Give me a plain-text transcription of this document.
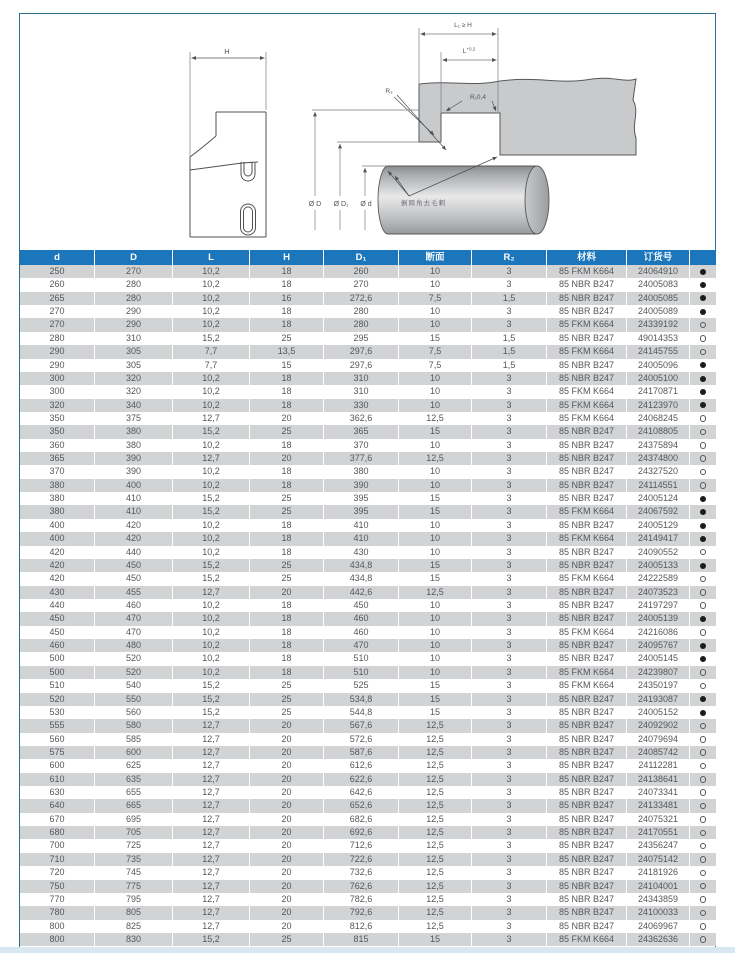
H
L₁ ≥ H
$L^{+0.2}$
R₁0,4
R₂
Ø D Ø D₁ Ø d	倒圆角去毛刺
d	D	L	H	D₁	断面	R₂	材料	订货号
250	270	10,2	18	260	10	3	85 FKM K664	24064910
260	280	10,2	18	270	10	3	85 NBR B247	24005083
265	280	10,2	16	272,6	7,5	1,5	85 NBR B247	24005085
270	290	10,2	18	280	10	3	85 NBR B247	24005089
270	290	10,2	18	280	10	3	85 FKM K664	24339192
280	310	15,2	25	295	15	1,5	85 NBR B247	49014353
290	305	7,7	13,5	297,6	7,5	1,5	85 FKM K664	24145755
290	305	7,7	15	297,6	7,5	1,5	85 NBR B247	24005096
300	320	10,2	18	310	10	3	85 NBR B247	24005100
300	320	10,2	18	310	10	3	85 FKM K664	24170871
320	340	10,2	18	330	10	3	85 FKM K664	24123970
350	375	12,7	20	362,6	12,5	3	85 FKM K664	24068245
350	380	15,2	25	365	15	3	85 NBR B247	24108805
360	380	10,2	18	370	10	3	85 NBR B247	24375894
365	390	12,7	20	377,6	12,5	3	85 NBR B247	24374800
370	390	10,2	18	380	10	3	85 NBR B247	24327520
380	400	10,2	18	390	10	3	85 NBR B247	24114551
380	410	15,2	25	395	15	3	85 NBR B247	24005124
380	410	15,2	25	395	15	3	85 FKM K664	24067592
400	420	10,2	18	410	10	3	85 NBR B247	24005129
400	420	10,2	18	410	10	3	85 FKM K664	24149417
420	440	10,2	18	430	10	3	85 NBR B247	24090552
420	450	15,2	25	434,8	15	3	85 NBR B247	24005133
420	450	15,2	25	434,8	15	3	85 FKM K664	24222589
430	455	12,7	20	442,6	12,5	3	85 NBR B247	24073523
440	460	10,2	18	450	10	3	85 NBR B247	24197297
450	470	10,2	18	460	10	3	85 NBR B247	24005139
450	470	10,2	18	460	10	3	85 FKM K664	24216086
460	480	10,2	18	470	10	3	85 NBR B247	24095767
500	520	10,2	18	510	10	3	85 NBR B247	24005145
500	520	10,2	18	510	10	3	85 FKM K664	24239807
510	540	15,2	25	525	15	3	85 FKM K664	24350197
520	550	15,2	25	534,8	15	3	85 NBR B247	24193087
530	560	15,2	25	544,8	15	3	85 NBR B247	24005152
555	580	12,7	20	567,6	12,5	3	85 NBR B247	24092902
560	585	12,7	20	572,6	12,5	3	85 NBR B247	24079694
575	600	12,7	20	587,6	12,5	3	85 NBR B247	24085742
600	625	12,7	20	612,6	12,5	3	85 NBR B247	24112281
610	635	12,7	20	622,6	12,5	3	85 NBR B247	24138641
630	655	12,7	20	642,6	12,5	3	85 NBR B247	24073341
640	665	12,7	20	652,6	12,5	3	85 NBR B247	24133481
670	695	12,7	20	682,6	12,5	3	85 NBR B247	24075321
680	705	12,7	20	692,6	12,5	3	85 NBR B247	24170551
700	725	12,7	20	712,6	12,5	3	85 NBR B247	24356247
710	735	12,7	20	722,6	12,5	3	85 NBR B247	24075142
720	745	12,7	20	732,6	12,5	3	85 NBR B247	24181926
750	775	12,7	20	762,6	12,5	3	85 NBR B247	24104001
770	795	12,7	20	782,6	12,5	3	85 NBR B247	24343859
780	805	12,7	20	792,6	12,5	3	85 NBR B247	24100033
800	825	12,7	20	812,6	12,5	3	85 NBR B247	24069967
800	830	15,2	25	815	15	3	85 FKM K664	24362636
